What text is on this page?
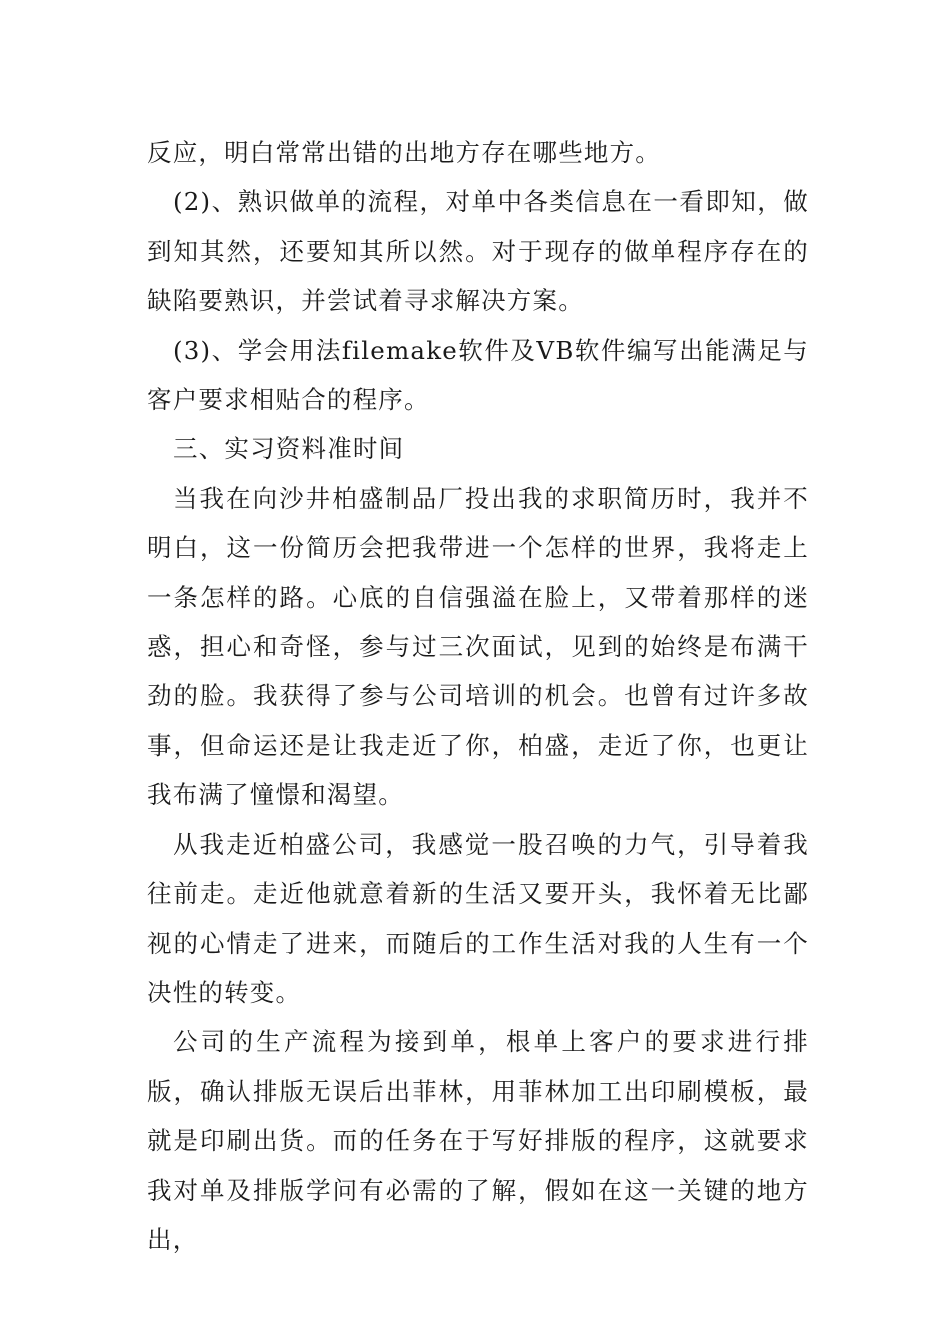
反应，明白常常出错的出地方存在哪些地方。

(2)、熟识做单的流程，对单中各类信息在一看即知，做到知其然，还要知其所以然。对于现存的做单程序存在的缺陷要熟识，并尝试着寻求解决方案。

(3)、学会用法filemake软件及VB软件编写出能满足与客户要求相贴合的程序。

三、实习资料准时间

当我在向沙井柏盛制品厂投出我的求职简历时，我并不明白，这一份简历会把我带进一个怎样的世界，我将走上一条怎样的路。心底的自信强溢在脸上，又带着那样的迷惑，担心和奇怪，参与过三次面试，见到的始终是布满干劲的脸。我获得了参与公司培训的机会。也曾有过许多故事，但命运还是让我走近了你，柏盛，走近了你，也更让我布满了憧憬和渴望。

从我走近柏盛公司，我感觉一股召唤的力气，引导着我往前走。走近他就意着新的生活又要开头，我怀着无比鄙视的心情走了进来，而随后的工作生活对我的人生有一个决性的转变。

公司的生产流程为接到单，根单上客户的要求进行排版，确认排版无误后出菲林，用菲林加工出印刷模板，最就是印刷出货。而的任务在于写好排版的程序，这就要求我对单及排版学问有必需的了解，假如在这一关键的地方出，
